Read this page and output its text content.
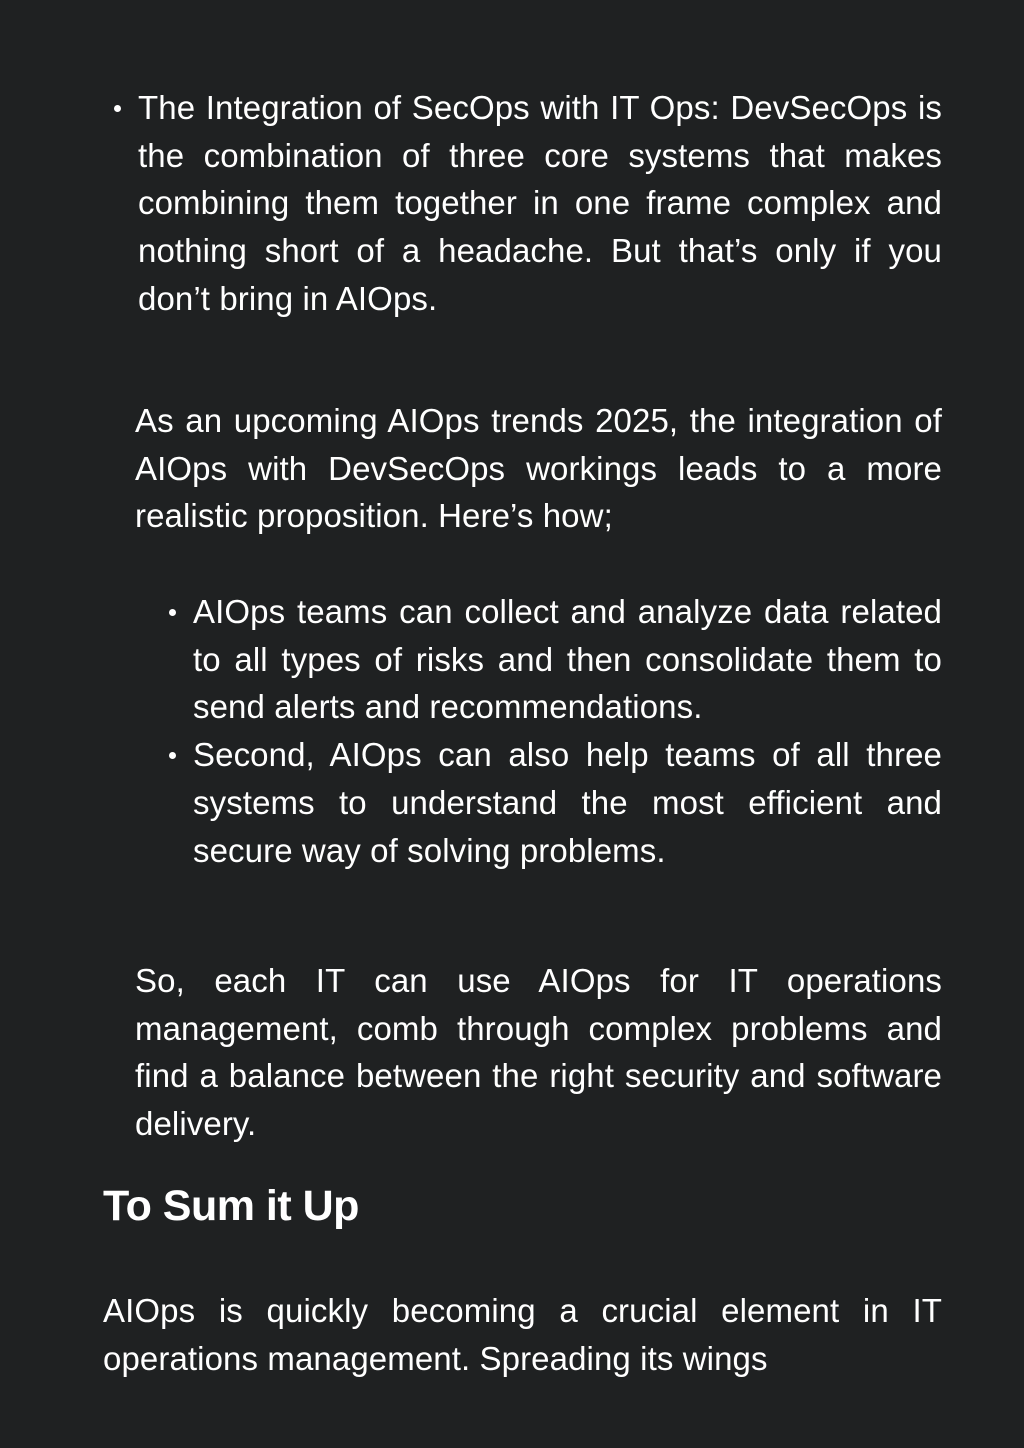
The Integration of SecOps with IT Ops: DevSecOps is the combination of three core systems that makes combining them together in one frame complex and nothing short of a headache. But that’s only if you don’t bring in AIOps.

As an upcoming AIOps trends 2025, the integration of AIOps with DevSecOps workings leads to a more realistic proposition. Here’s how;

AIOps teams can collect and analyze data related to all types of risks and then consolidate them to send alerts and recommendations.
Second, AIOps can also help teams of all three systems to understand the most efficient and secure way of solving problems.

So, each IT can use AIOps for IT operations management, comb through complex problems and find a balance between the right security and software delivery.

To Sum it Up

AIOps is quickly becoming a crucial element in IT operations management. Spreading its wings
